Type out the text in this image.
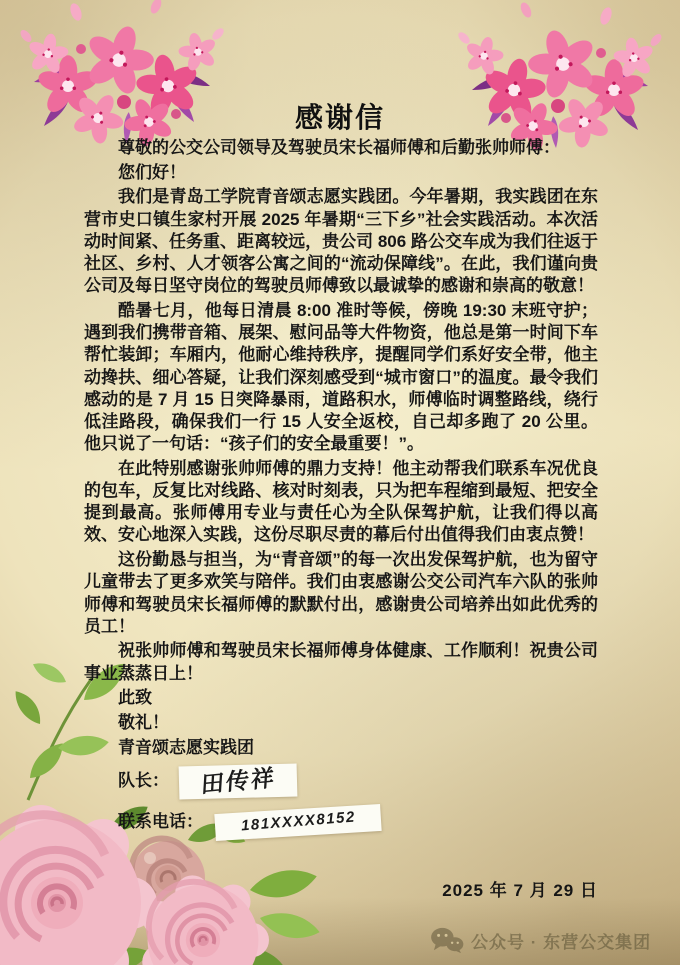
感谢信

尊敬的公交公司领导及驾驶员宋长福师傅和后勤张帅师傅：

您们好！

我们是青岛工学院青音颂志愿实践团。今年暑期，我实践团在东营市史口镇生家村开展 2025 年暑期“三下乡”社会实践活动。本次活动时间紧、任务重、距离较远，贵公司 806 路公交车成为我们往返于社区、乡村、人才领客公寓之间的“流动保障线”。在此，我们谨向贵公司及每日坚守岗位的驾驶员师傅致以最诚挚的感谢和崇高的敬意！

酷暑七月，他每日清晨 8:00 准时等候，傍晚 19:30 末班守护；遇到我们携带音箱、展架、慰问品等大件物资，他总是第一时间下车帮忙装卸；车厢内，他耐心维持秩序，提醒同学们系好安全带，他主动搀扶、细心答疑，让我们深刻感受到“城市窗口”的温度。最令我们感动的是 7 月 15 日突降暴雨，道路积水，师傅临时调整路线，绕行低洼路段，确保我们一行 15 人安全返校，自己却多跑了 20 公里。他只说了一句话：“孩子们的安全最重要！”。

在此特别感谢张帅师傅的鼎力支持！他主动帮我们联系车况优良的包车，反复比对线路、核对时刻表，只为把车程缩到最短、把安全提到最高。张师傅用专业与责任心为全队保驾护航，让我们得以高效、安心地深入实践，这份尽职尽责的幕后付出值得我们由衷点赞！

这份勤恳与担当，为“青音颂”的每一次出发保驾护航，也为留守儿童带去了更多欢笑与陪伴。我们由衷感谢公交公司汽车六队的张帅师傅和驾驶员宋长福师傅的默默付出，感谢贵公司培养出如此优秀的员工！

祝张帅师傅和驾驶员宋长福师傅身体健康、工作顺利！祝贵公司事业蒸蒸日上！

此致

敬礼！

青音颂志愿实践团

队长： 田传祥
联系电话： 181XXXX8152
2025 年 7 月 29 日
公众号 · 东营公交集团
